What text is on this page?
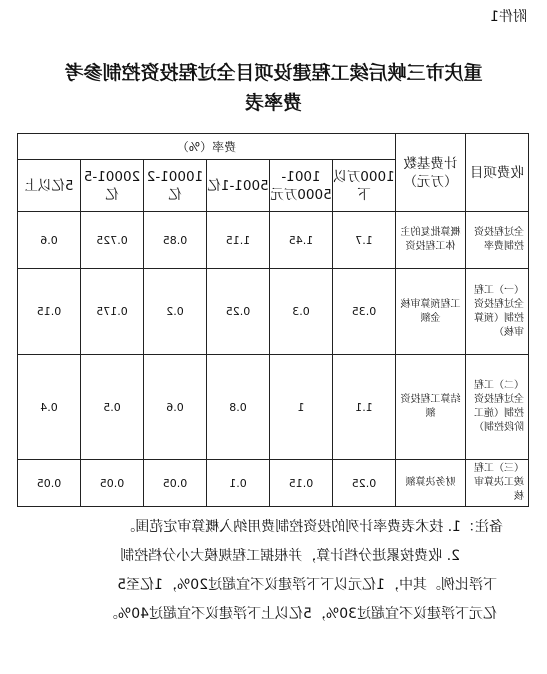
附件1
重庆市三峡后续工程建设项目全过程投资控制参考
费率表
收费项目	计费基数（万元）	费率（%）					
		1000万以下	1001-5000万元	5001-1亿	10001-2亿	20001-5亿	5亿以上
全过程投资控制费率	概算批复的主体工程投资	1.7	1.45	1.15	0.85	0.725	0.6
（一）工程全过程投资控制（预算审核）	工程预算审核金额	0.35	0.3	0.25	0.2	0.175	0.15
（二）工程全过程投资控制（施工阶段控制）	结算工程投资额	1.1	1	0.8	0.6	0.5	0.4
（三）工程竣工决算审核	财务决算额	0.25	0.15	0.1	0.05	0.05	0.05
备注：1. 技术表费率计列的投资控制费用纳入概算审定范围。
2. 收费按累进分档计算，并根据工程规模大小分档控制
下浮比例。其中，1亿元以下下浮建议不宜超过20%，1亿至5
亿元下浮建议不宜超过30%，5亿以上下浮建议不宜超过40%。
